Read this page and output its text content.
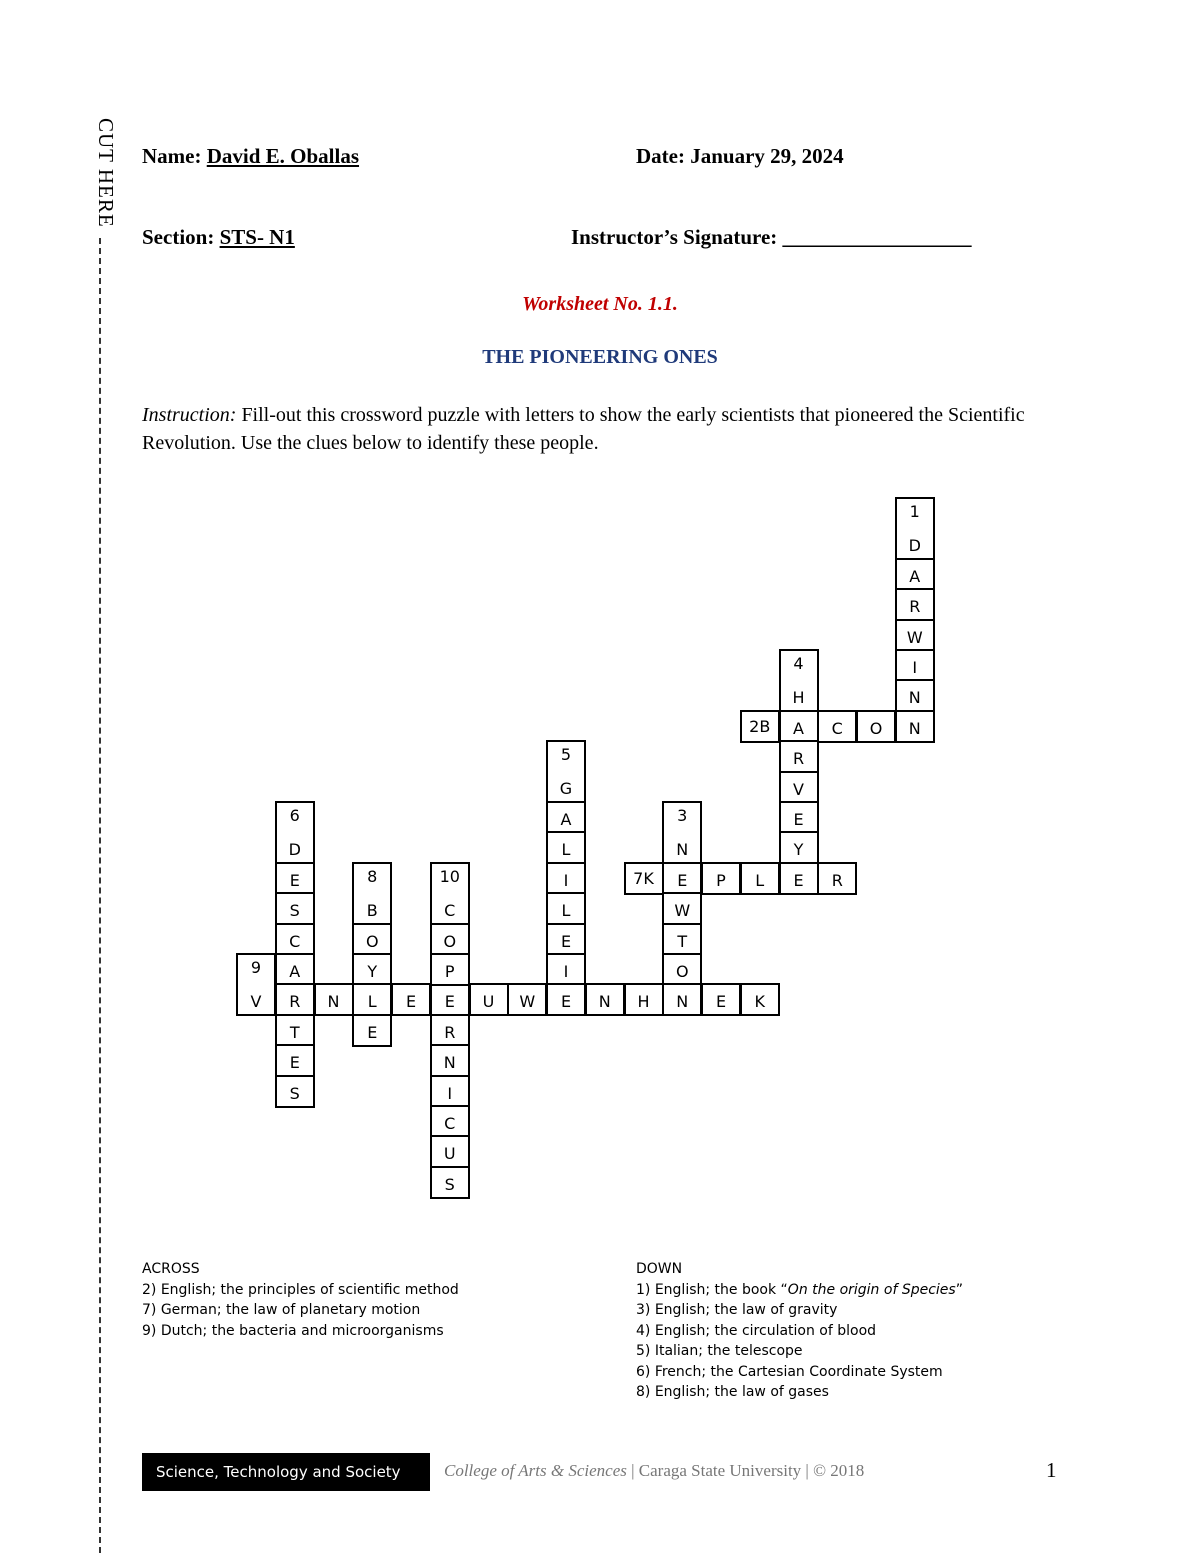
CUT HERE Name: David E. Oballas	Date: January 29, 2024
Section: STS- N1	Instructor’s Signature: __________________
Worksheet No. 1.1.
THE PIONEERING ONES
Instruction: Fill-out this crossword puzzle with letters to show the early scientists that pioneered the Scientific Revolution. Use the clues below to identify these people.
1
D
A
R
W
I
N
2B	A	C	O	N
3
N
E
W
T
O
N
4
H
R
V
E
Y
5
G
A
L
I
L
E
I
6
D
E
S
C
A
R
T
E
S
7K	P	L	E	R
8
B
O
Y
L
E
N	E	E	U	W	E	N	H	E	K
10
C
O
P
R
N
I
C
U
S
9
V
ACROSS
2) English; the principles of scientific method
7) German; the law of planetary motion
9) Dutch; the bacteria and microorganisms
DOWN
1) English; the book “On the origin of Species”
3) English; the law of gravity
4) English; the circulation of blood
5) Italian; the telescope
6) French; the Cartesian Coordinate System
8) English; the law of gases
Science, Technology and Society	College of Arts & Sciences | Caraga State University | © 2018	1
